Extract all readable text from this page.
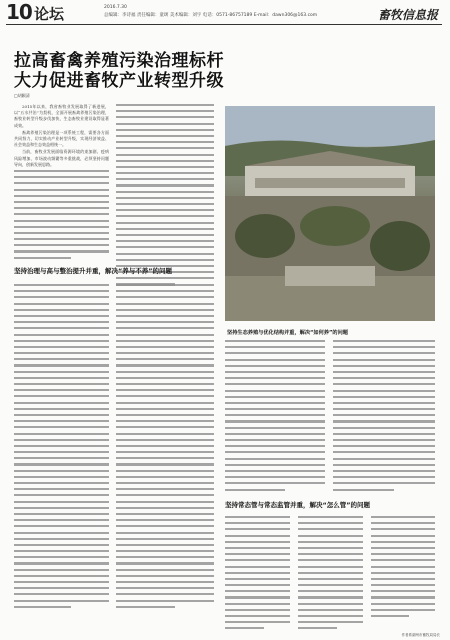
10 论坛	2016.7.30
总编辑：李诗福 责任编辑：童颂 美术编辑：刘宇 电话：0571-86757189 E-mail：dawn306@163.com	畜牧信息报
拉高畜禽养殖污染治理标杆
大力促进畜牧产业转型升级
□胡颖清

2015年以来，我省畜牧业发展取得了新进展，以“五水共治”为契机，全面开展畜禽养殖污染治理，畜牧业转型升级步伐加快，生态畜牧业建设取得显著成效。

畜禽养殖污染治理是一项系统工程，需要各方面共同努力，切实推动产业转型升级，实现经济效益、社会效益和生态效益相统一。

当前，畜牧业发展面临资源环境约束加剧、疫病风险增加、市场波动频繁等多重挑战，必须坚持问题导向，创新发展思路。

坚持生态养殖与优化结构并重，解决“如何养”的问题
坚持治理与高与整治提升并重，解决“养与不养”的问题
坚持常态管与常态监管并重，解决“怎么管”的问题
作者系湖州市畜牧局局长
